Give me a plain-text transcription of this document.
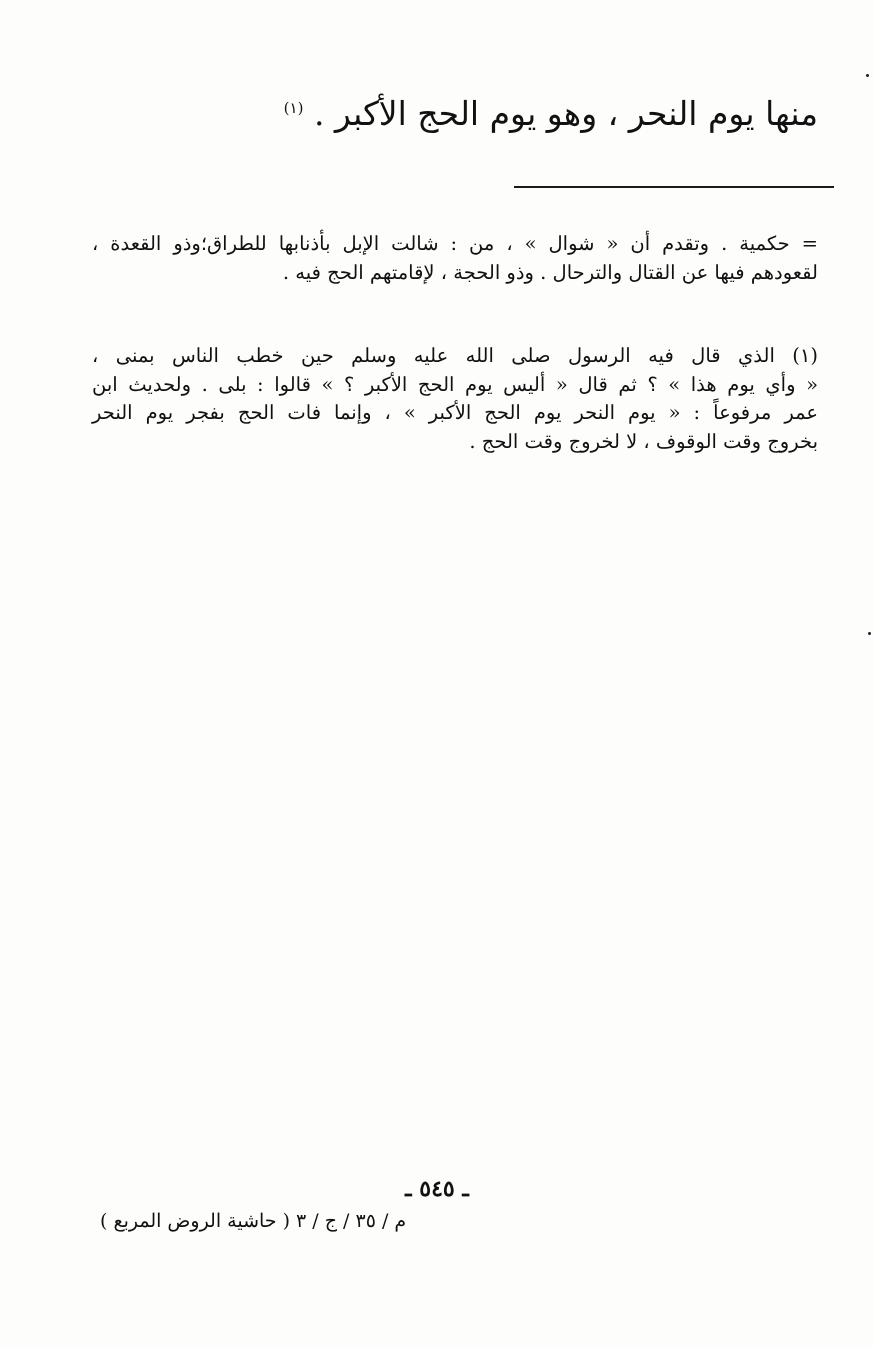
منها يوم النحر ، وهو يوم الحج الأكبر . $^{(١)}$
= حكمية . وتقدم أن « شوال » ، من : شالت الإبل بأذنابها للطراق؛وذو القعدة ،
لقعودهم فيها عن القتال والترحال . وذو الحجة ، لإقامتهم الحج فيه .
(١) الذي قال فيه الرسول صلى الله عليه وسلم حين خطب الناس بمنى ،
« وأي يوم هذا » ؟ ثم قال « أليس يوم الحج الأكبر ؟ » قالوا : بلى . ولحديث ابن
عمر مرفوعاً : « يوم النحر يوم الحج الأكبر » ، وإنما فات الحج بفجر يوم النحر
بخروج وقت الوقوف ، لا لخروج وقت الحج .
ـ ٥٤٥ ـ
م / ٣٥ / ج / ٣ ( حاشية الروض المربع )
